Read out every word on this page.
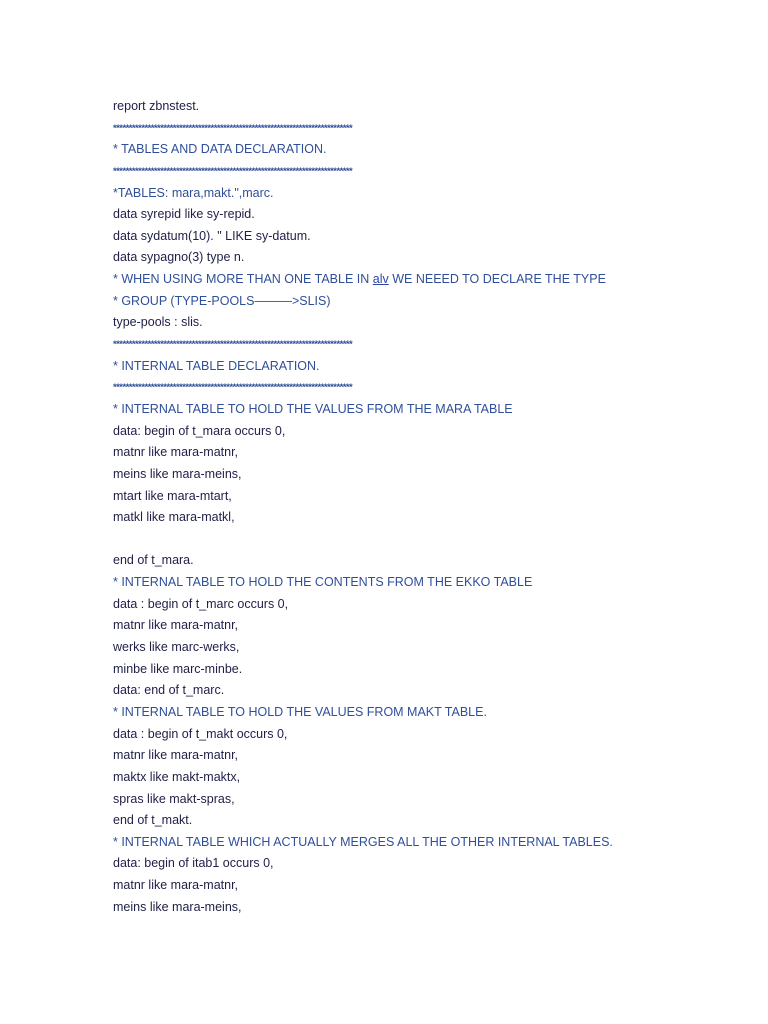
report zbnstest.
****************************************************************************
* TABLES AND DATA DECLARATION.
****************************************************************************
*TABLES: mara,makt.",marc.
data syrepid like sy-repid.
data sydatum(10). " LIKE sy-datum.
data sypagno(3) type n.
* WHEN USING MORE THAN ONE TABLE IN alv WE NEEED TO DECLARE THE TYPE
* GROUP (TYPE-POOLS———>SLIS)
type-pools : slis.
****************************************************************************
* INTERNAL TABLE DECLARATION.
****************************************************************************
* INTERNAL TABLE TO HOLD THE VALUES FROM THE MARA TABLE
data: begin of t_mara occurs 0,
matnr like mara-matnr,
meins like mara-meins,
mtart like mara-mtart,
matkl like mara-matkl,
end of t_mara.
* INTERNAL TABLE TO HOLD THE CONTENTS FROM THE EKKO TABLE
data : begin of t_marc occurs 0,
matnr like mara-matnr,
werks like marc-werks,
minbe like marc-minbe.
data: end of t_marc.
* INTERNAL TABLE TO HOLD THE VALUES FROM MAKT TABLE.
data : begin of t_makt occurs 0,
matnr like mara-matnr,
maktx like makt-maktx,
spras like makt-spras,
end of t_makt.
* INTERNAL TABLE WHICH ACTUALLY MERGES ALL THE OTHER INTERNAL TABLES.
data: begin of itab1 occurs 0,
matnr like mara-matnr,
meins like mara-meins,
